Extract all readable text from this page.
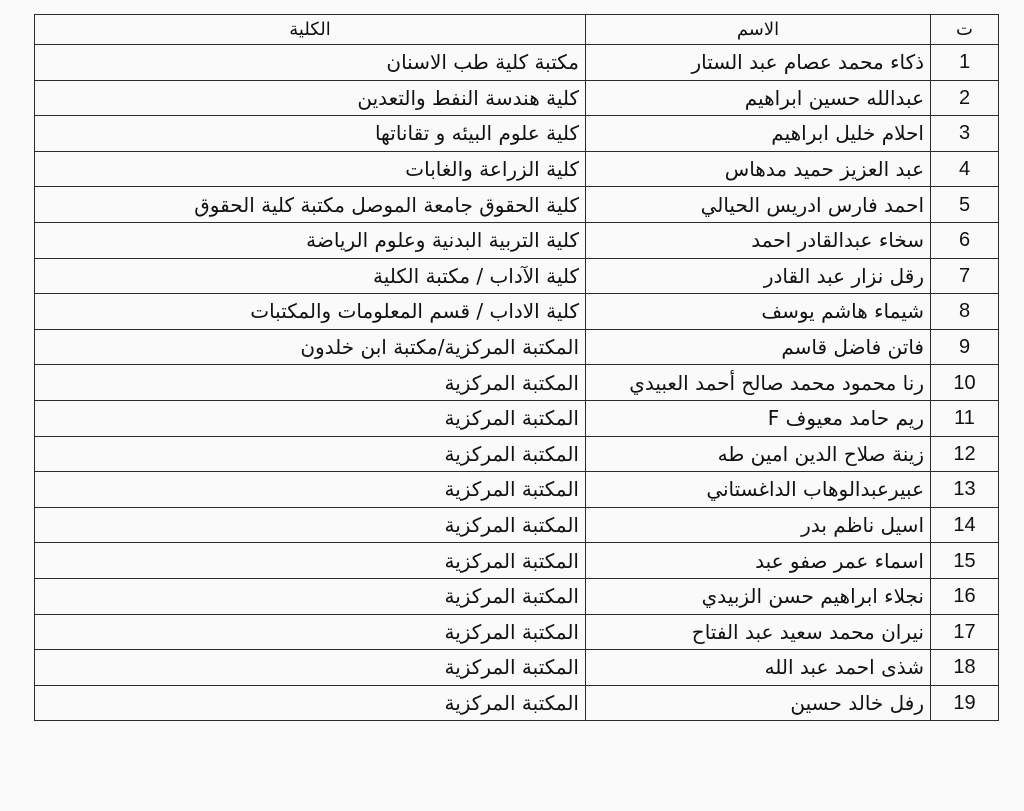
ت	الاسم	الكلية
1	ذكاء محمد عصام عبد الستار	مكتبة كلية طب الاسنان
2	عبدالله حسين ابراهيم	كلية هندسة النفط والتعدين
3	احلام خليل ابراهيم	كلية علوم البيئه و تقاناتها
4	عبد العزيز حميد مدهاس	كلية الزراعة والغابات
5	احمد فارس ادريس الحيالي	كلية الحقوق جامعة الموصل مكتبة كلية الحقوق
6	سخاء عبدالقادر احمد	كلية التربية البدنية وعلوم الرياضة
7	رقل نزار عبد القادر	كلية الآداب / مكتبة الكلية
8	شيماء هاشم يوسف	كلية الاداب / قسم المعلومات والمكتبات
9	فاتن فاضل قاسم	المكتبة المركزية/مكتبة ابن خلدون
10	رنا محمود محمد صالح أحمد العبيدي	المكتبة المركزية
11	ريم حامد معيوف F	المكتبة المركزية
12	زينة صلاح الدين امين طه	المكتبة المركزية
13	عبيرعبدالوهاب الداغستاني	المكتبة المركزية
14	اسيل ناظم بدر	المكتبة المركزية
15	اسماء عمر صفو عبد	المكتبة المركزية
16	نجلاء ابراهيم حسن الزبيدي	المكتبة المركزية
17	نيران محمد سعيد عبد الفتاح	المكتبة المركزية
18	شذى احمد عبد الله	المكتبة المركزية
19	رفل خالد حسين	المكتبة المركزية
